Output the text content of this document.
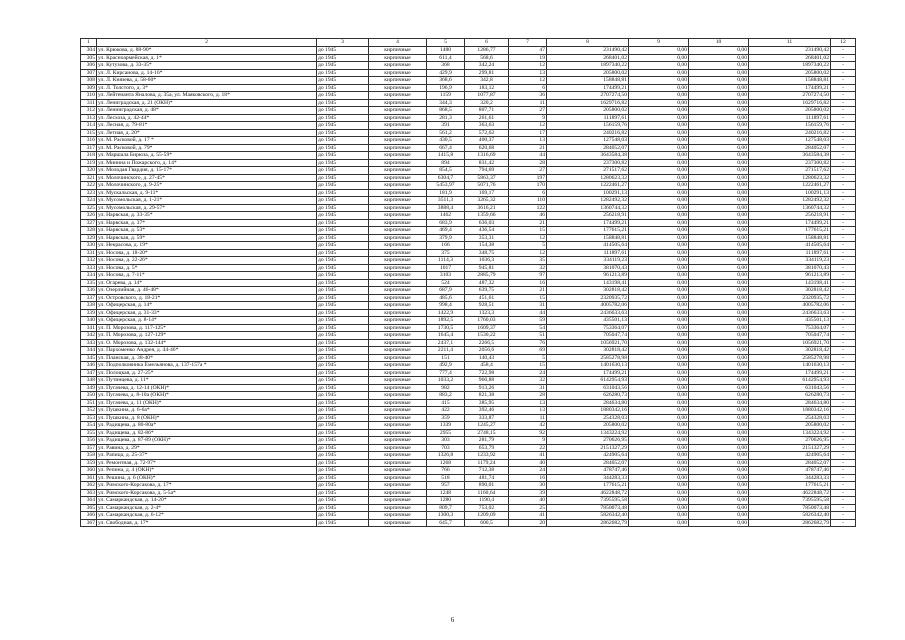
1	2	3	4	5	6	7	8	9	10	11	12
304	ул. Крюкова, д. 88-90*	до 1945	кирпичные	1480	1286,77	47	231490,42	0,00	0,00	231490,42	-
305	ул. Красноармейская, д. 1*	до 1945	кирпичные	611,4	568,6	19	268401,02	0,00	0,00	268401,02	-
306	ул. Кутузова, д. 33-35*	до 1945	кирпичные	368	342,24	12	1897340,22	0,00	0,00	1897340,22	-
307	ул. Л. Кирсанова, д. 14-16*	до 1945	кирпичные	429,9	299,81	13	205800,02	0,00	0,00	205800,02	-
308	ул. Л. Князева, д. 58-60*	до 1945	кирпичные	368,6	342,8	12	158848,81	0,00	0,00	158848,81	-
309	ул. Л. Толстого, д. 3*	до 1945	кирпичные	196,9	183,12	6	174499,21	0,00	0,00	174499,21	-
310	ул. Лейтенанта Яналова, д. 35а, ул. Маяковского, д. 18*	до 1945	кирпичные	1159	1077,87	36	2707274,50	0,00	0,00	2707274,50	-
311	ул. Лениградская, д. 21 (ОКН)*	до 1945	кирпичные	344,3	320,2	11	1629716,82	0,00	0,00	1629716,82	-
312	ул. Ленинградская, д. 48*	до 1945	кирпичные	868,5	807,71	27	205800,02	0,00	0,00	205800,02	-
313	ул. Лесхоза, д. 42-44*	до 1945	кирпичные	281,3	261,61	9	111897,61	0,00	0,00	111897,61	-
314	ул. Лесная, д. 79-81*	до 1945	кирпичные	391	363,63	12	156159,76	0,00	0,00	156159,76	-
315	ул. Летная, д. 20*	до 1945	кирпичные	561,2	572,62	17	240216,82	0,00	0,00	240216,82	-
316	ул. М. Расковой, д. 17 *	до 1945	кирпичные	430,5	400,37	13	127548,03	0,00	0,00	127548,03	-
317	ул. М. Расковой, д. 79*	до 1945	кирпичные	667,4	620,68	21	284052,07	0,00	0,00	284052,07	-
318	ул. Маршала Бирюза, д. 55-59*	до 1945	кирпичные	1415,8	1316,69	44	3643584,38	0,00	0,00	3643584,38	-
319	ул. Минина и Пожарского, д. 14*	до 1945	кирпичные	894	831,42	28	237300,82	0,00	0,00	237300,82	-
320	ул. Молодая Гвардия, д. 15-17*	до 1945	кирпичные	854,5	794,69	27	271517,62	0,00	0,00	271517,62	-
321	ул. Молочинского, д. 27-45*	до 1945	кирпичные	6304,7	5863,37	197	1280623,32	0,00	0,00	1280623,32	-
322	ул. Молочинского, д. 9-25*	до 1945	кирпичные	5453,97	5071,76	170	1222461,27	0,00	0,00	1222461,27	-
323	ул. Мускальская, д. 9-11*	до 1945	кирпичные	181,9	169,17	6	100291,13	0,00	0,00	100291,13	-
324	ул. Мусомольская, д. 1-21*	до 1945	кирпичные	3511,3	3265,32	110	1282492,32	0,00	0,00	1282492,32	-
325	ул. Мусомольская, д. 29-57*	до 1945	кирпичные	3888,4	3616,21	122	1360744,32	0,00	0,00	1360744,32	-
326	ул. Нарвская, д. 33-35*	до 1945	кирпичные	1462	1359,66	46	256218,91	0,00	0,00	256218,91	-
327	ул. Нарвская, д. 37*	до 1945	кирпичные	683,9	636,03	21	174499,21	0,00	0,00	174499,21	-
328	ул. Нарвская, д. 53*	до 1945	кирпичные	469,4	436,54	15	177615,21	0,00	0,00	177615,21	-
329	ул. Нарвская, д. 59*	до 1945	кирпичные	379,9	353,31	12	158848,81	0,00	0,00	158848,81	-
330	ул. Некрасова, д. 19*	до 1945	кирпичные	166	154,38	5	414505,64	0,00	0,00	414505,64	-
331	ул. Носова, д. 18-20*	до 1945	кирпичные	375	348,75	12	111897,61	0,00	0,00	111897,61	-
332	ул. Носова, д. 22-26*	до 1945	кирпичные	1114,3	1036,3	35	334119,23	0,00	0,00	334119,23	-
333	ул. Носова, д. 5*	до 1945	кирпичные	1017	945,81	32	381070,43	0,00	0,00	381070,43	-
334	ул. Носова, д. 7-11*	до 1945	кирпичные	3103	2885,79	97	961213,89	0,00	0,00	961213,89	-
335	ул. Огарева, д. 14*	до 1945	кирпичные	524	487,32	16	143198,41	0,00	0,00	143198,41	-
336	ул. Озерлийная, д. 46-48*	до 1945	кирпичные	687,9	639,75	21	302818,42	0,00	0,00	302818,42	-
337	ул. Островского, д. 18-21*	до 1945	кирпичные	485,6	451,61	15	2320935,72	0,00	0,00	2320935,72	-
338	ул. Офицерская, д. 14*	до 1945	кирпичные	998,4	928,51	31	4005782,06	0,00	0,00	4005782,06	-
339	ул. Офицерская, д. 31-33*	до 1945	кирпичные	1422,9	1323,3	44	2436633,63	0,00	0,00	2436633,63	-
340	ул. Офицерская, д. 8-14*	до 1945	кирпичные	1892,5	1760,03	59	435501,13	0,00	0,00	435501,13	-
341	ул. П. Морозова, д. 117-125*	до 1945	кирпичные	1730,5	1609,37	54	753364,07	0,00	0,00	753364,07	-
342	ул. П. Морозова, д. 127-129*	до 1945	кирпичные	1645,4	1530,22	51	705047,74	0,00	0,00	705047,74	-
343	ул. О. Морозова, д. 132-144*	до 1945	кирпичные	2437,1	2266,5	76	1056921,70	0,00	0,00	1056921,70	-
344	ул. Пархоменко Андрея, д. 44-46*	до 1945	кирпичные	2211,4	2056,6	69	302818,42	0,00	0,00	302818,42	-
345	ул. Планская, д. 38-40*	до 1945	кирпичные	151	140,43	5	2585278,98	0,00	0,00	2585278,98	-
346	ул. Подполковника Емельянова, д. 137-157а *	до 1945	кирпичные	492,9	458,4	15	1401630,13	0,00	0,00	1401630,13	-
347	ул. Полоцкая, д. 27-25*	до 1945	кирпичные	777,4	722,98	24	174499,21	0,00	0,00	174499,21	-
348	ул. Путинцева, д. 11*	до 1945	кирпичные	1033,2	960,88	32	6142954,93	0,00	0,00	6142954,93	-
349	ул. Пугачева, д. 12-14 (ОКН)*	до 1945	кирпичные	982	913,26	31	631043,56	0,00	0,00	631043,56	-
350	ул. Пугачева, д. 8-10а (ОКН)*	до 1945	кирпичные	883,2	821,38	28	626280,73	0,00	0,00	626280,73	-
351	ул. Пугачева, д. 11 (ОКН)*	до 1945	кирпичные	415	385,95	13	284634,80	0,00	0,00	284634,80	-
352	ул. Пушкина, д. 6-6а*	до 1945	кирпичные	422	392,46	13	1880342,16	0,00	0,00	1880342,16	-
353	ул. Пушкина, д. 8 (ОКН)*	до 1945	кирпичные	359	333,87	11	254328,03	0,00	0,00	254328,03	-
354	ул. Радищева, д. 80-80а*	до 1945	кирпичные	1339	1245,27	42	205800,02	0,00	0,00	205800,02	-
355	ул. Радищева, д. 82-86*	до 1945	кирпичные	2955	2748,15	92	1343224,92	0,00	0,00	1343224,92	-
356	ул. Радищева, д. 87-89 (ОКН)*	до 1945	кирпичные	303	281,79	9	270626,95	0,00	0,00	270626,95	-
357	ул. Равина, д. 29*	до 1945	кирпичные	703	653,79	22	2151327,29	0,00	0,00	2151327,29	-
358	ул. Рапица, д. 25-37*	до 1945	кирпичные	1326,8	1233,92	41	424905,64	0,00	0,00	424905,64	-
359	ул. Ремонтная, д. 72-97*	до 1945	кирпичные	1268	1179,24	40	284052,07	0,00	0,00	284052,07	-
360	ул. Репина, д. 4 (ОКН)*	до 1945	кирпичные	766	712,38	24	478747,46	0,00	0,00	478747,46	-
361	ул. Решина, д. 6 (ОКН)*	до 1945	кирпичные	518	481,74	16	344283,33	0,00	0,00	344283,33	-
362	ул. Римского-Корсакова, д. 17*	до 1945	кирпичные	957	890,01	30	177615,21	0,00	0,00	177615,21	-
363	ул. Римского-Корсакова, д. 5-5а*	до 1945	кирпичные	1248	1160,64	39	4622848,72	0,00	0,00	4622848,72	-
364	ул. Самаркандская, д. 14-20*	до 1945	кирпичные	1280	1190,4	40	7395595,58	0,00	0,00	7395595,58	-
365	ул. Самаркандская, д. 2-4*	до 1945	кирпичные	809,7	753,02	25	7850073,48	0,00	0,00	7850073,48	-
366	ул. Самаркандская, д. 6-12*	до 1945	кирпичные	1300,3	1209,09	41	5826342,40	0,00	0,00	5826342,40	-
367	ул. Свободная, д. 17*	до 1945	кирпичные	645,7	600,5	20	2862682,79	0,00	0,00	2862682,79	-
6
